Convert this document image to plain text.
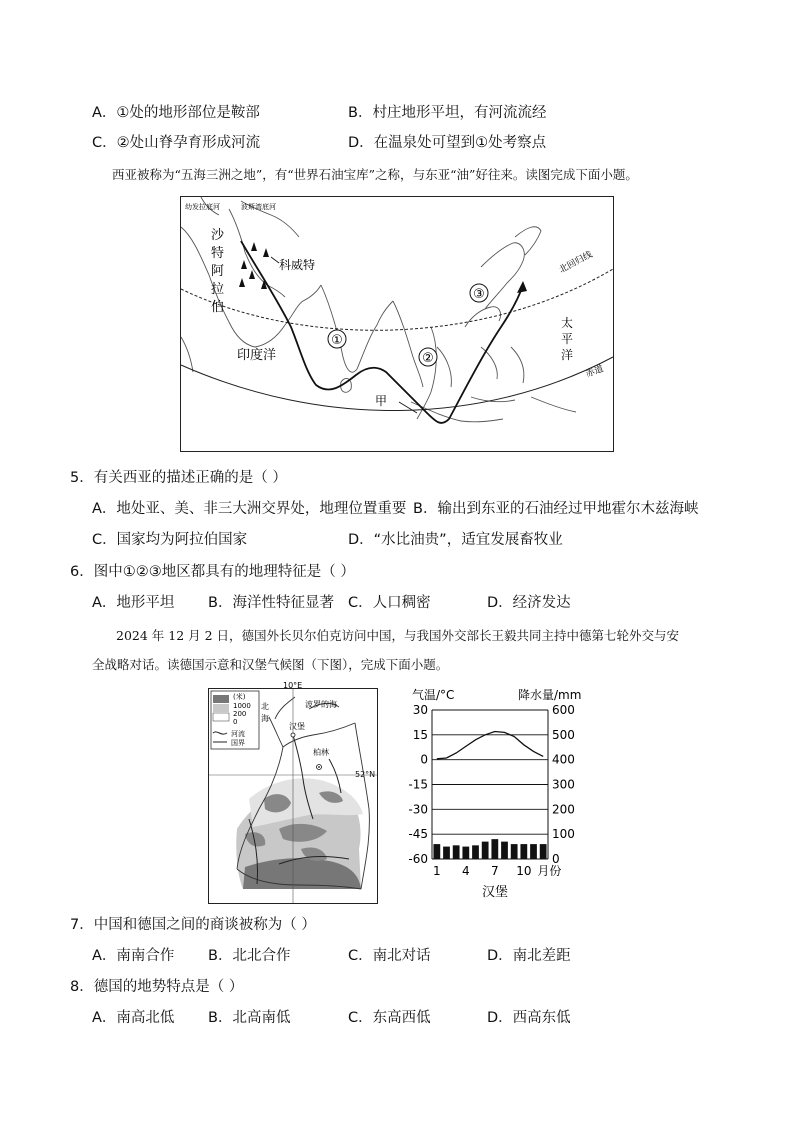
A．①处的地形部位是鞍部	B．村庄地形平坦，有河流流经
C．②处山脊孕育形成河流	D．在温泉处可望到①处考察点
西亚被称为“五海三洲之地”，有“世界石油宝库”之称，与东亚“油”好往来。读图完成下面小题。
①
②
③
幼发拉底河	波斯湾底河
沙
特
阿
拉
伯
科威特
印度洋
太
平
洋
北回归线
赤道
甲
5．有关西亚的描述正确的是（ ）
A．地处亚、美、非三大洲交界处，地理位置重要 B．输出到东亚的石油经过甲地霍尔木兹海峡
C．国家均为阿拉伯国家	D．“水比油贵”，适宜发展畜牧业
6．图中①②③地区都具有的地理特征是（ ）
A．地形平坦 B．海洋性特征显著 C．人口稠密	D．经济发达
2024 年 12 月 2 日，德国外长贝尔伯克访问中国，与我国外交部长王毅共同主持中德第七轮外交与安
全战略对话。读德国示意和汉堡气候图（下图），完成下面小题。
(米)
1000
200
0
河流
国界
10°E
北
海
波罗的海
汉堡
柏林
52°N
气温/°C	降水量/mm
30
15
0
-15
-30
-45
-60
600
500
400
300
200
100
0
1 4 7 10 月份
汉堡
7．中国和德国之间的商谈被称为（ ）
A．南南合作 B．北北合作	C．南北对话	D．南北差距
8．德国的地势特点是（ ）
A．南高北低 B．北高南低	C．东高西低	D．西高东低
